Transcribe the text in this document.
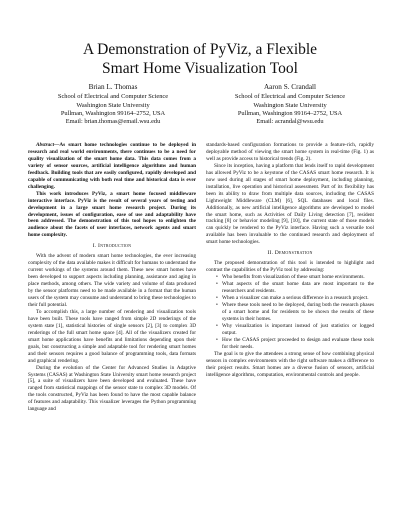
A Demonstration of PyViz, a Flexible
Smart Home Visualization Tool
Brian L. Thomas
School of Electrical and Computer Science
Washington State University
Pullman, Washington 99164–2752, USA
Email: brian.thomas@email.wsu.edu
Aaron S. Crandall
School of Electrical and Computer Science
Washington State University
Pullman, Washington 99164–2752, USA
Email: acrandal@wsu.edu

Abstract—As smart home technologies continue to be deployed in research and real world environments, there continues to be a need for quality visualization of the smart home data. This data comes from a variety of sensor sources, artificial intelligence algorithms and human feedback. Building tools that are easily configured, rapidly developed and capable of communicating with both real time and historical data is ever challenging.

This work introduces PyViz, a smart home focused middleware interactive interface. PyViz is the result of several years of testing and development in a large smart home research project. During its development, issues of configuration, ease of use and adaptability have been addressed. The demonstration of this tool hopes to enlighten the audience about the facets of user interfaces, network agents and smart home complexity.

I. Introduction

With the advent of modern smart home technologies, the ever increasing complexity of the data available makes it difficult for humans to understand the current workings of the systems around them. These new smart homes have been developed to support aspects including planning, assistance and aging in place methods, among others. The wide variety and volume of data produced by the sensor platforms need to be made available in a format that the human users of the system may consume and understand to bring these technologies to their full potential.

To accomplish this, a large number of rendering and visualization tools have been built. These tools have ranged from simple 2D renderings of the system state [1], statistical histories of single sensors [2], [3] to complex 3D renderings of the full smart home space [4]. All of the visualizers created for smart home applications have benefits and limitations depending upon their goals, but constructing a simple and adaptable tool for rendering smart homes and their sensors requires a good balance of programming tools, data formats and graphical rendering.

During the evolution of the Center for Advanced Studies in Adaptive Systems (CASAS) at Washington State University smart home research project [5], a suite of visualizers have been developed and evaluated. These have ranged from statistical mappings of the sensor state to complex 3D models. Of the tools constructed, PyViz has been found to have the most capable balance of features and adaptability. This visualizer leverages the Python programming language and

standards-based configuration formations to provide a feature-rich, rapidly deployable method of viewing the smart home system in real-time (Fig. 1) as well as provide access to historical trends (Fig. 2).

Since its inception, having a platform that lends itself to rapid development has allowed PyViz to be a keystone of the CASAS smart home research. It is now used during all stages of smart home deployment, including planning, installation, live operation and historical assessment. Part of its flexibility has been its ability to draw from multiple data sources, including the CASAS Lightweight Middleware (CLM) [6], SQL databases and local files. Additionally, as new artificial intelligence algorithms are developed to model the smart home, such as Activities of Daily Living detection [7], resident tracking [8] or behavior modeling [9], [10], the current state of those models can quickly be rendered to the PyViz interface. Having such a versatile tool available has been invaluable to the continued research and deployment of smart home technologies.

II. Demonstration

The proposed demonstration of this tool is intended to highlight and contrast the capabilities of the PyViz tool by addressing:

• Who benefits from visualization of these smart home environments.
• What aspects of the smart home data are most important to the researchers and residents.
• When a visualizer can make a serious difference in a research project.
• Where these tools need to be deployed, during both the research phases of a smart home and for residents to be shown the results of these systems in their homes.
• Why visualization is important instead of just statistics or logged output.
• How the CASAS project proceeded to design and evaluate these tools for their needs.

The goal is to give the attendees a strong sense of how combining physical sensors in complex environments with the right software makes a difference to their project results. Smart homes are a diverse fusion of sensors, artificial intelligence algorithms, computation, environmental controls and people.
